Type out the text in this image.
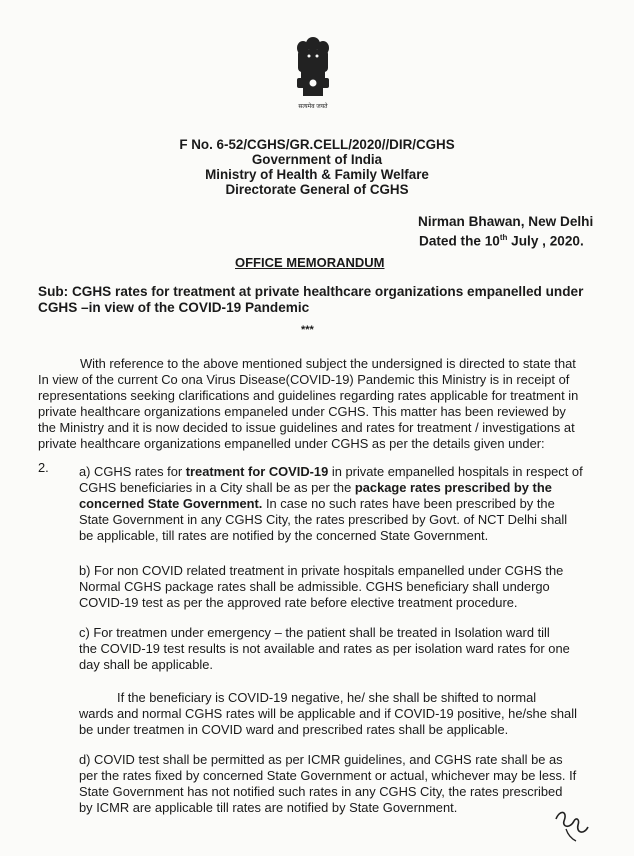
सत्यमेव जयते
F No. 6-52/CGHS/GR.CELL/2020//DIR/CGHS
Government of India
Ministry of Health & Family Welfare
Directorate General of CGHS
Nirman Bhawan, New Delhi
Dated the 10th July , 2020.
OFFICE MEMORANDUM
Sub: CGHS rates for treatment at private healthcare organizations empanelled under
CGHS –in view of the COVID-19 Pandemic
***
With reference to the above mentioned subject the undersigned is directed to state that
In view of the current Co ona Virus Disease(COVID-19) Pandemic this Ministry is in receipt of
representations seeking clarifications and guidelines regarding rates applicable for treatment in
private healthcare organizations empaneled under CGHS. This matter has been reviewed by
the Ministry and it is now decided to issue guidelines and rates for treatment / investigations at
private healthcare organizations empanelled under CGHS as per the details given under:
2. a) CGHS rates for treatment for COVID-19 in private empanelled hospitals in respect of
CGHS beneficiaries in a City shall be as per the package rates prescribed by the
concerned State Government. In case no such rates have been prescribed by the
State Government in any CGHS City, the rates prescribed by Govt. of NCT Delhi shall
be applicable, till rates are notified by the concerned State Government.
b) For non COVID related treatment in private hospitals empanelled under CGHS the
Normal CGHS package rates shall be admissible. CGHS beneficiary shall undergo
COVID-19 test as per the approved rate before elective treatment procedure.
c) For treatmen under emergency – the patient shall be treated in Isolation ward till
the COVID-19 test results is not available and rates as per isolation ward rates for one
day shall be applicable.
If the beneficiary is COVID-19 negative, he/ she shall be shifted to normal
wards and normal CGHS rates will be applicable and if COVID-19 positive, he/she shall
be under treatmen in COVID ward and prescribed rates shall be applicable.
d) COVID test shall be permitted as per ICMR guidelines, and CGHS rate shall be as
per the rates fixed by concerned State Government or actual, whichever may be less. If
State Government has not notified such rates in any CGHS City, the rates prescribed
by ICMR are applicable till rates are notified by State Government.
